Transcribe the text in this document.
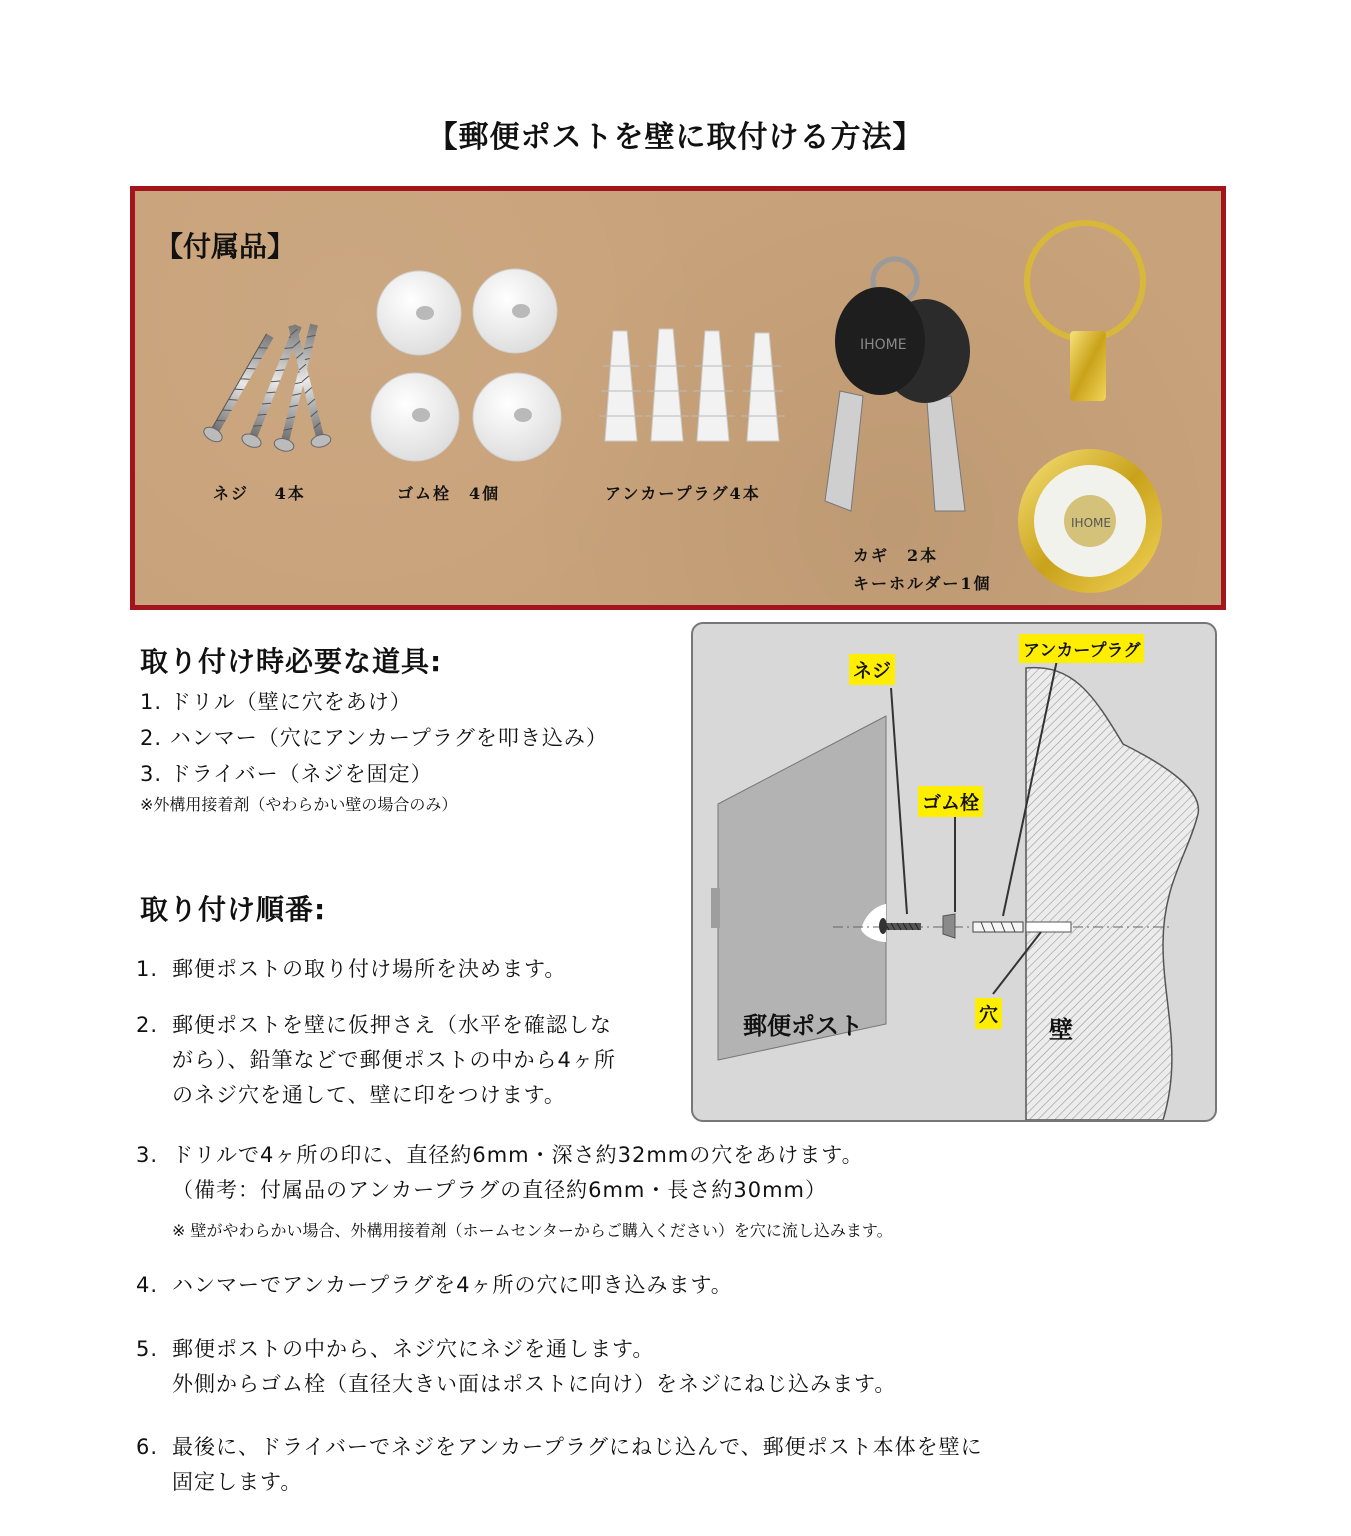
【郵便ポストを壁に取付ける方法】
【付属品】
IHOME
IHOME
ネジ　 4本	ゴム栓　4個	アンカープラグ4本
カギ　2本
キーホルダー1個
取り付け時必要な道具:
1. ドリル（壁に穴をあけ）
2. ハンマー（穴にアンカープラグを叩き込み）
3. ドライバー（ネジを固定）
※外構用接着剤（やわらかい壁の場合のみ）
取り付け順番:
1. 郵便ポストの取り付け場所を決めます。
2. 郵便ポストを壁に仮押さえ（水平を確認しな
がら）、鉛筆などで郵便ポストの中から4ヶ所
のネジ穴を通して、壁に印をつけます。
3. ドリルで4ヶ所の印に、直径約6mm・深さ約32mmの穴をあけます。
（備考：付属品のアンカープラグの直径約6mm・長さ約30mm）
※ 壁がやわらかい場合、外構用接着剤（ホームセンターからご購入ください）を穴に流し込みます。
4. ハンマーでアンカープラグを4ヶ所の穴に叩き込みます。
5. 郵便ポストの中から、ネジ穴にネジを通します。
外側からゴム栓（直径大きい面はポストに向け）をネジにねじ込みます。
6. 最後に、ドライバーでネジをアンカープラグにねじ込んで、郵便ポスト本体を壁に
固定します。
ネジ
アンカープラグ
ゴム栓
穴
郵便ポスト	壁
